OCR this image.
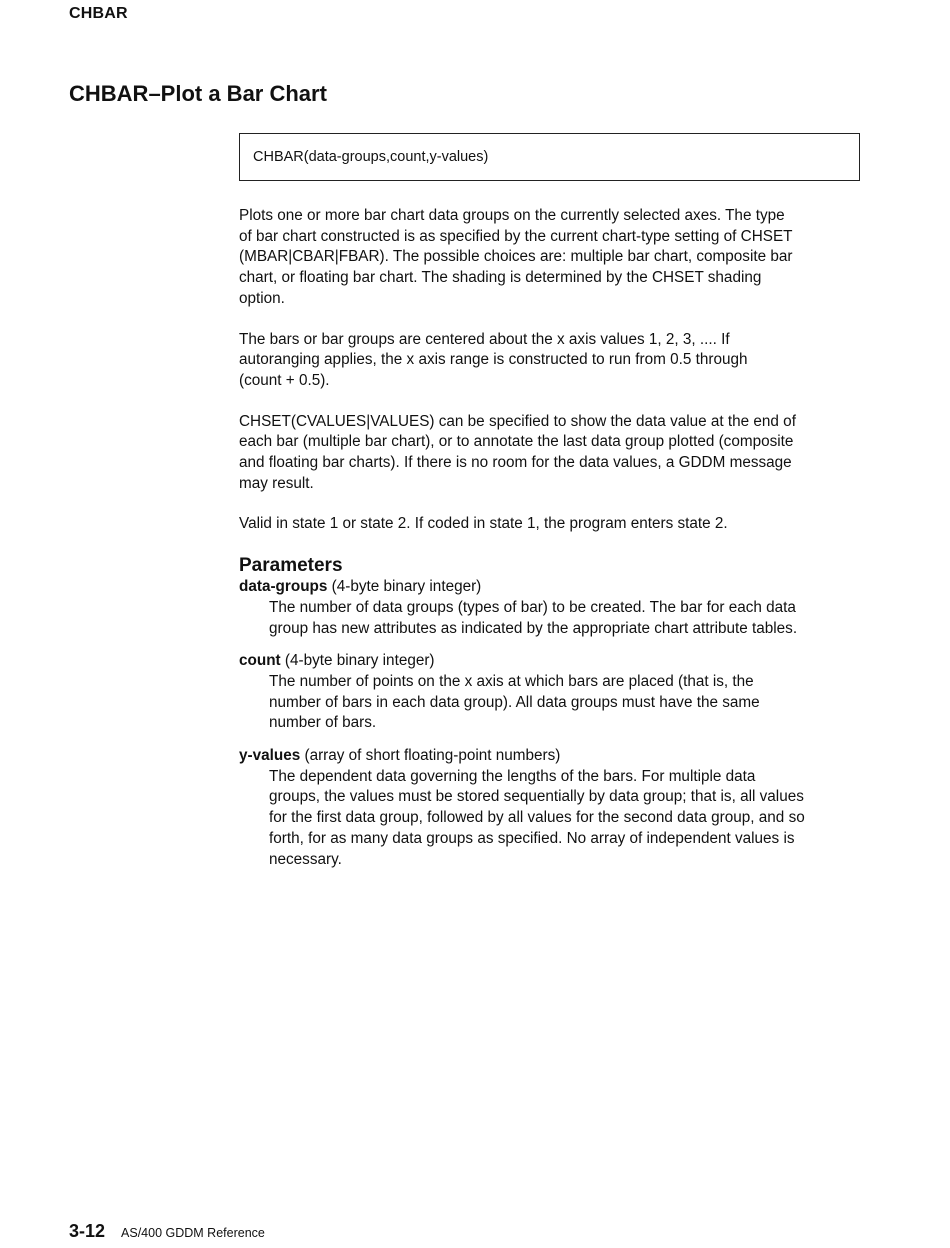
CHBAR
CHBAR–Plot a Bar Chart
CHBAR(data-groups,count,y-values)

Plots one or more bar chart data groups on the currently selected axes. The type
of bar chart constructed is as specified by the current chart-type setting of CHSET
(MBAR|CBAR|FBAR). The possible choices are: multiple bar chart, composite bar
chart, or floating bar chart. The shading is determined by the CHSET shading
option.

The bars or bar groups are centered about the x axis values 1, 2, 3, .... If
autoranging applies, the x axis range is constructed to run from 0.5 through
(count + 0.5).

CHSET(CVALUES|VALUES) can be specified to show the data value at the end of
each bar (multiple bar chart), or to annotate the last data group plotted (composite
and floating bar charts). If there is no room for the data values, a GDDM message
may result.

Valid in state 1 or state 2. If coded in state 1, the program enters state 2.

Parameters
data-groups (4-byte binary integer)
The number of data groups (types of bar) to be created. The bar for each data
group has new attributes as indicated by the appropriate chart attribute tables.
count (4-byte binary integer)
The number of points on the x axis at which bars are placed (that is, the
number of bars in each data group). All data groups must have the same
number of bars.
y-values (array of short floating-point numbers)
The dependent data governing the lengths of the bars. For multiple data
groups, the values must be stored sequentially by data group; that is, all values
for the first data group, followed by all values for the second data group, and so
forth, for as many data groups as specified. No array of independent values is
necessary.
3-12 AS/400 GDDM Reference
